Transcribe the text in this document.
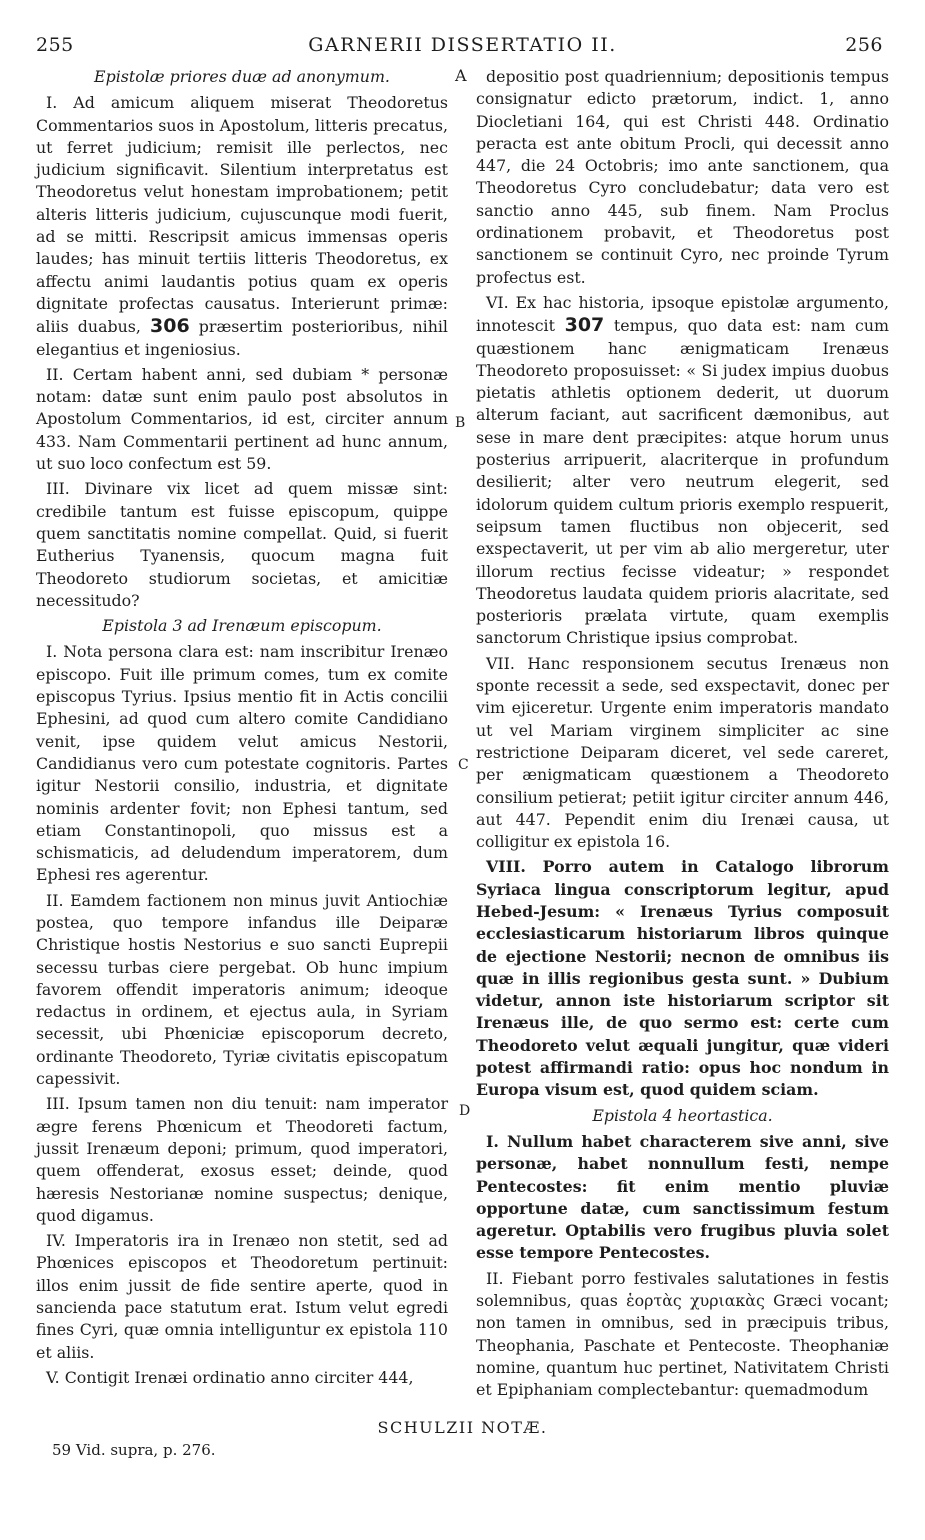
255	GARNERII DISSERTATIO II.	256
A
B
C
D

Epistolæ priores duæ ad anonymum.

I. Ad amicum aliquem miserat Theodoretus Commentarios suos in Apostolum, litteris precatus, ut ferret judicium; remisit ille perlectos, nec judicium significavit. Silentium interpretatus est Theodoretus velut honestam improbationem; petit alteris litteris judicium, cujuscunque modi fuerit, ad se mitti. Rescripsit amicus immensas operis laudes; has minuit tertiis litteris Theodoretus, ex affectu animi laudantis potius quam ex operis dignitate profectas causatus. Interierunt primæ: aliis duabus, 306 præsertim posterioribus, nihil elegantius et ingeniosius.

II. Certam habent anni, sed dubiam * personæ notam: datæ sunt enim paulo post absolutos in Apostolum Commentarios, id est, circiter annum 433. Nam Commentarii pertinent ad hunc annum, ut suo loco confectum est 59.

III. Divinare vix licet ad quem missæ sint: credibile tantum est fuisse episcopum, quippe quem sanctitatis nomine compellat. Quid, si fuerit Eutherius Tyanensis, quocum magna fuit Theodoreto studiorum societas, et amicitiæ necessitudo?

Epistola 3 ad Irenæum episcopum.

I. Nota persona clara est: nam inscribitur Irenæo episcopo. Fuit ille primum comes, tum ex comite episcopus Tyrius. Ipsius mentio fit in Actis concilii Ephesini, ad quod cum altero comite Candidiano venit, ipse quidem velut amicus Nestorii, Candidianus vero cum potestate cognitoris. Partes igitur Nestorii consilio, industria, et dignitate nominis ardenter fovit; non Ephesi tantum, sed etiam Constantinopoli, quo missus est a schismaticis, ad deludendum imperatorem, dum Ephesi res agerentur.

II. Eamdem factionem non minus juvit Antiochiæ postea, quo tempore infandus ille Deiparæ Christique hostis Nestorius e suo sancti Euprepii secessu turbas ciere pergebat. Ob hunc impium favorem offendit imperatoris animum; ideoque redactus in ordinem, et ejectus aula, in Syriam secessit, ubi Phœniciæ episcoporum decreto, ordinante Theodoreto, Tyriæ civitatis episcopatum capessivit.

III. Ipsum tamen non diu tenuit: nam imperator ægre ferens Phœnicum et Theodoreti factum, jussit Irenæum deponi; primum, quod imperatori, quem offenderat, exosus esset; deinde, quod hæresis Nestorianæ nomine suspectus; denique, quod digamus.

IV. Imperatoris ira in Irenæo non stetit, sed ad Phœnices episcopos et Theodoretum pertinuit: illos enim jussit de fide sentire aperte, quod in sancienda pace statutum erat. Istum velut egredi fines Cyri, quæ omnia intelliguntur ex epistola 110 et aliis.

V. Contigit Irenæi ordinatio anno circiter 444,

depositio post quadriennium; depositionis tempus consignatur edicto prætorum, indict. 1, anno Diocletiani 164, qui est Christi 448. Ordinatio peracta est ante obitum Procli, qui decessit anno 447, die 24 Octobris; imo ante sanctionem, qua Theodoretus Cyro concludebatur; data vero est sanctio anno 445, sub finem. Nam Proclus ordinationem probavit, et Theodoretus post sanctionem se continuit Cyro, nec proinde Tyrum profectus est.

VI. Ex hac historia, ipsoque epistolæ argumento, innotescit 307 tempus, quo data est: nam cum quæstionem hanc ænigmaticam Irenæus Theodoreto proposuisset: « Si judex impius duobus pietatis athletis optionem dederit, ut duorum alterum faciant, aut sacrificent dæmonibus, aut sese in mare dent præcipites: atque horum unus posterius arripuerit, alacriterque in profundum desilierit; alter vero neutrum elegerit, sed idolorum quidem cultum prioris exemplo respuerit, seipsum tamen fluctibus non objecerit, sed exspectaverit, ut per vim ab alio mergeretur, uter illorum rectius fecisse videatur; » respondet Theodoretus laudata quidem prioris alacritate, sed posterioris prælata virtute, quam exemplis sanctorum Christique ipsius comprobat.

VII. Hanc responsionem secutus Irenæus non sponte recessit a sede, sed exspectavit, donec per vim ejiceretur. Urgente enim imperatoris mandato ut vel Mariam virginem simpliciter ac sine restrictione Deiparam diceret, vel sede careret, per ænigmaticam quæstionem a Theodoreto consilium petierat; petiit igitur circiter annum 446, aut 447. Pependit enim diu Irenæi causa, ut colligitur ex epistola 16.

VIII. Porro autem in Catalogo librorum Syriaca lingua conscriptorum legitur, apud Hebed-Jesum: « Irenæus Tyrius composuit ecclesiasticarum historiarum libros quinque de ejectione Nestorii; necnon de omnibus iis quæ in illis regionibus gesta sunt. » Dubium videtur, annon iste historiarum scriptor sit Irenæus ille, de quo sermo est: certe cum Theodoreto velut æquali jungitur, quæ videri potest affirmandi ratio: opus hoc nondum in Europa visum est, quod quidem sciam.

Epistola 4 heortastica.

I. Nullum habet characterem sive anni, sive personæ, habet nonnullum festi, nempe Pentecostes: fit enim mentio pluviæ opportune datæ, cum sanctissimum festum ageretur. Optabilis vero frugibus pluvia solet esse tempore Pentecostes.

II. Fiebant porro festivales salutationes in festis solemnibus, quas ἑορτὰς χυριακὰς Græci vocant; non tamen in omnibus, sed in præcipuis tribus, Theophania, Paschate et Pentecoste. Theophaniæ nomine, quantum huc pertinet, Nativitatem Christi et Epiphaniam complectebantur: quemadmodum

SCHULZII NOTÆ.
59 Vid. supra, p. 276.
